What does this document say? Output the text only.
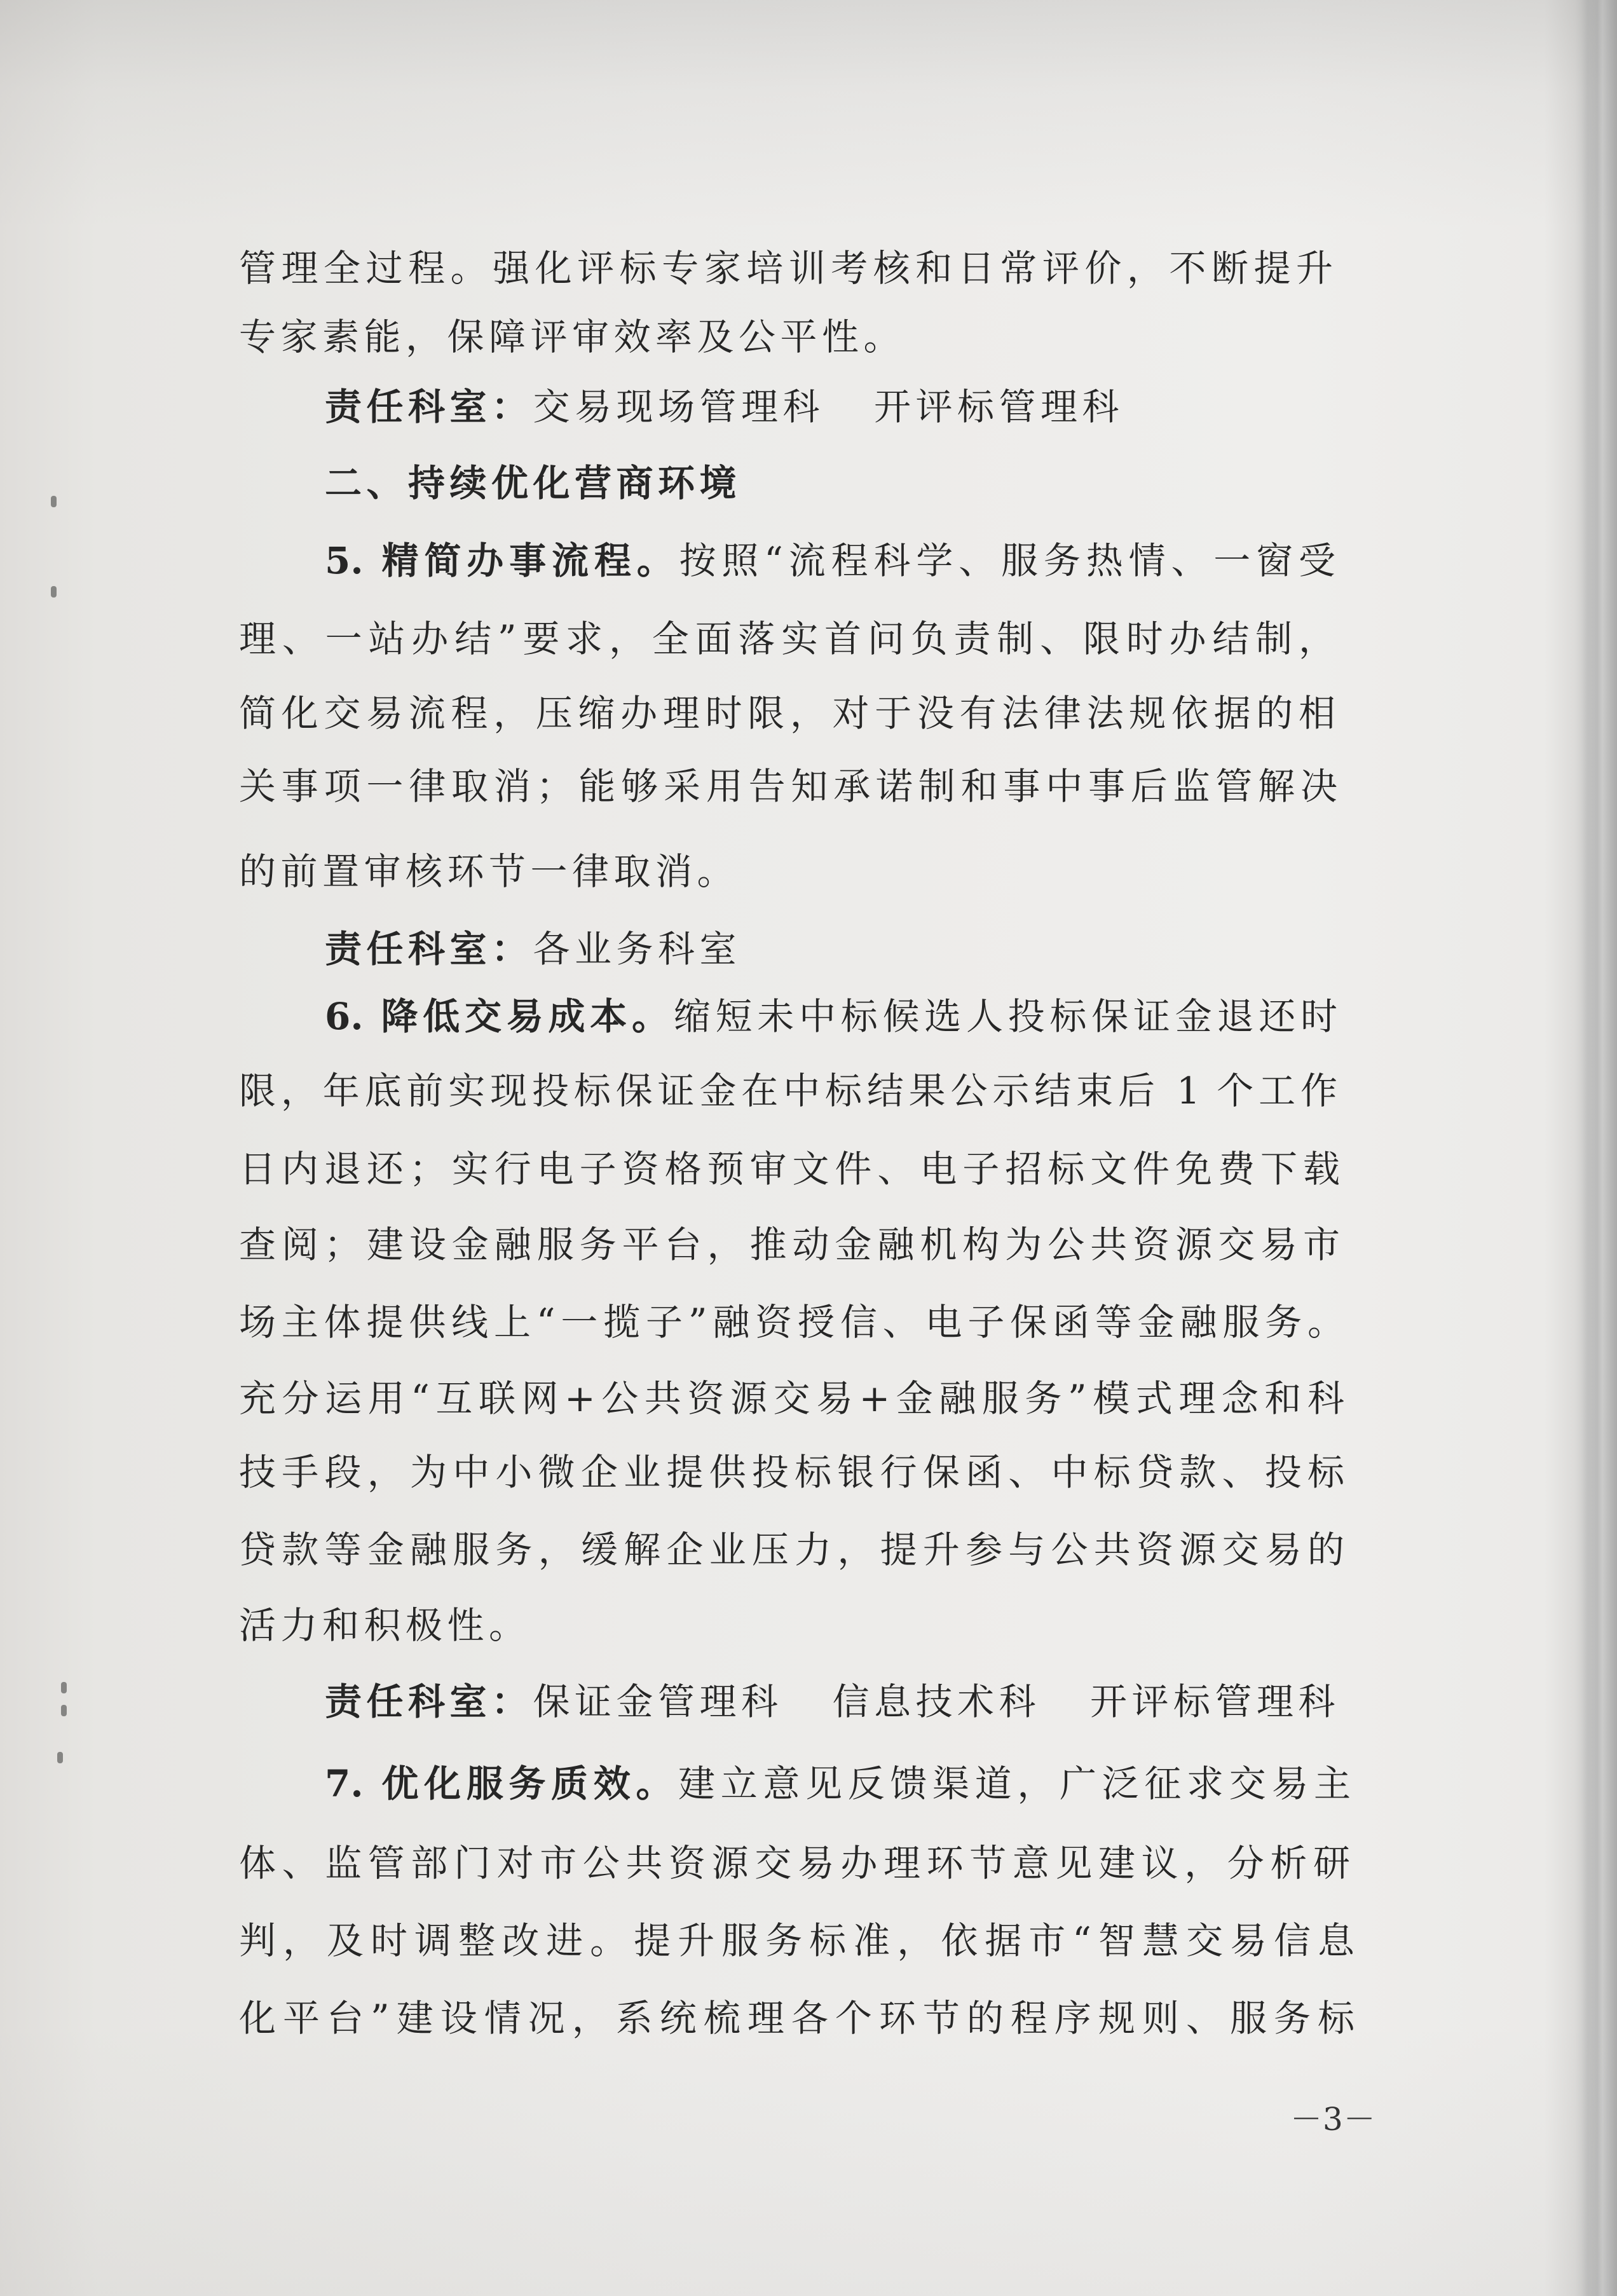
管理全过程。强化评标专家培训考核和日常评价，不断提升
专家素能，保障评审效率及公平性。
责任科室：交易现场管理科 开评标管理科
二、持续优化营商环境
5. 精简办事流程。按照“流程科学、服务热情、一窗受
理、一站办结”要求，全面落实首问负责制、限时办结制，
简化交易流程，压缩办理时限，对于没有法律法规依据的相
关事项一律取消；能够采用告知承诺制和事中事后监管解决
的前置审核环节一律取消。
责任科室：各业务科室
6. 降低交易成本。缩短未中标候选人投标保证金退还时
限，年底前实现投标保证金在中标结果公示结束后 1 个工作
日内退还；实行电子资格预审文件、电子招标文件免费下载
查阅；建设金融服务平台，推动金融机构为公共资源交易市
场主体提供线上“一揽子”融资授信、电子保函等金融服务。
充分运用“互联网+公共资源交易+金融服务”模式理念和科
技手段，为中小微企业提供投标银行保函、中标贷款、投标
贷款等金融服务，缓解企业压力，提升参与公共资源交易的
活力和积极性。
责任科室：保证金管理科 信息技术科 开评标管理科
7. 优化服务质效。建立意见反馈渠道，广泛征求交易主
体、监管部门对市公共资源交易办理环节意见建议，分析研
判，及时调整改进。提升服务标准，依据市“智慧交易信息
化平台”建设情况，系统梳理各个环节的程序规则、服务标
－3－
